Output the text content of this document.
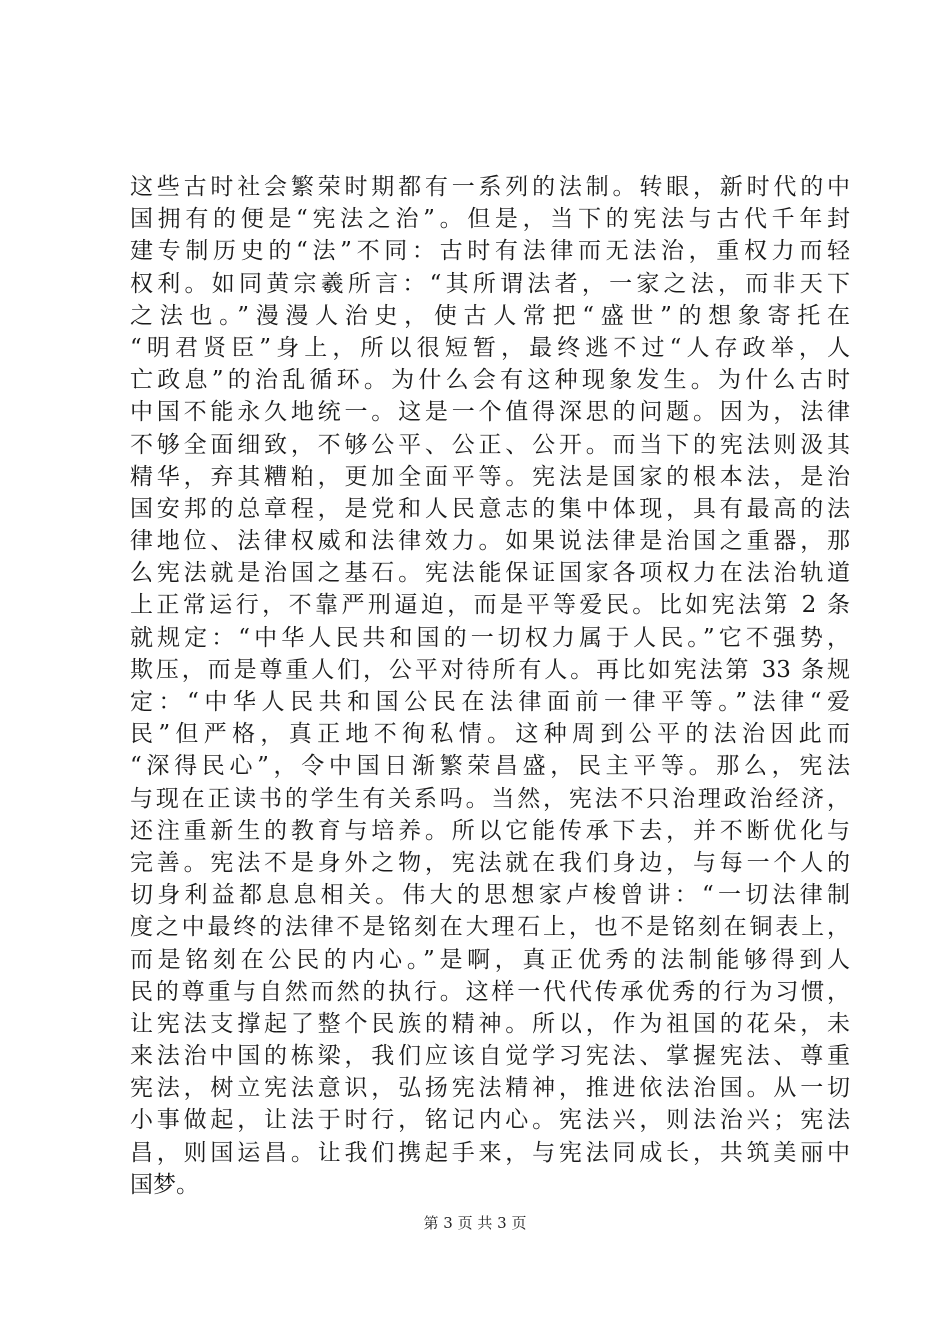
这些古时社会繁荣时期都有一系列的法制。转眼，新时代的中
国拥有的便是“宪法之治”。但是，当下的宪法与古代千年封
建专制历史的“法”不同：古时有法律而无法治，重权力而轻
权利。如同黄宗羲所言：“其所谓法者，一家之法，而非天下
之法也。”漫漫人治史，使古人常把“盛世”的想象寄托在
“明君贤臣”身上，所以很短暂，最终逃不过“人存政举，人
亡政息”的治乱循环。为什么会有这种现象发生。为什么古时
中国不能永久地统一。这是一个值得深思的问题。因为，法律
不够全面细致，不够公平、公正、公开。而当下的宪法则汲其
精华，弃其糟粕，更加全面平等。宪法是国家的根本法，是治
国安邦的总章程，是党和人民意志的集中体现，具有最高的法
律地位、法律权威和法律效力。如果说法律是治国之重器，那
么宪法就是治国之基石。宪法能保证国家各项权力在法治轨道
上正常运行，不靠严刑逼迫，而是平等爱民。比如宪法第 2 条
就规定：“中华人民共和国的一切权力属于人民。”它不强势，
欺压，而是尊重人们，公平对待所有人。再比如宪法第 33 条规
定：“中华人民共和国公民在法律面前一律平等。”法律“爱
民”但严格，真正地不徇私情。这种周到公平的法治因此而
“深得民心”，令中国日渐繁荣昌盛，民主平等。那么，宪法
与现在正读书的学生有关系吗。当然，宪法不只治理政治经济，
还注重新生的教育与培养。所以它能传承下去，并不断优化与
完善。宪法不是身外之物，宪法就在我们身边，与每一个人的
切身利益都息息相关。伟大的思想家卢梭曾讲：“一切法律制
度之中最终的法律不是铭刻在大理石上，也不是铭刻在铜表上，
而是铭刻在公民的内心。”是啊，真正优秀的法制能够得到人
民的尊重与自然而然的执行。这样一代代传承优秀的行为习惯，
让宪法支撑起了整个民族的精神。所以，作为祖国的花朵，未
来法治中国的栋梁，我们应该自觉学习宪法、掌握宪法、尊重
宪法，树立宪法意识，弘扬宪法精神，推进依法治国。从一切
小事做起，让法于时行，铭记内心。宪法兴，则法治兴；宪法
昌，则国运昌。让我们携起手来，与宪法同成长，共筑美丽中
国梦。
第 3 页 共 3 页
